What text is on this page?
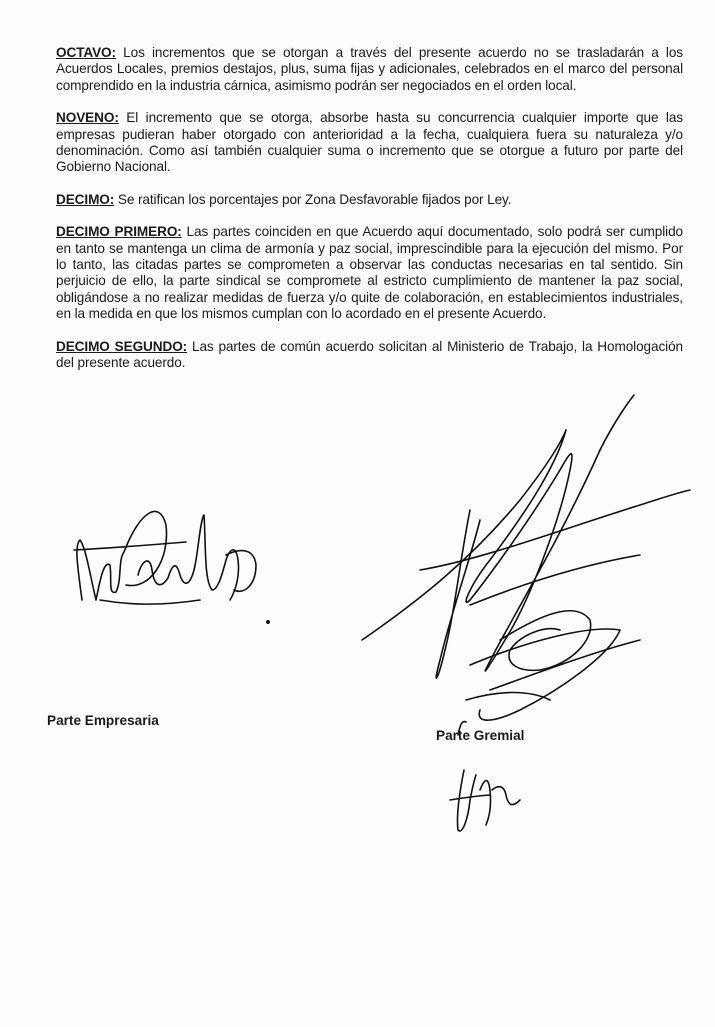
OCTAVO: Los incrementos que se otorgan a través del presente acuerdo no se trasladarán a los Acuerdos Locales, premios destajos, plus, suma fijas y adicionales, celebrados en el marco del personal comprendido en la industria cárnica, asimismo podrán ser negociados en el orden local.

NOVENO: El incremento que se otorga, absorbe hasta su concurrencia cualquier importe que las empresas pudieran haber otorgado con anterioridad a la fecha, cualquiera fuera su naturaleza y/o denominación. Como así también cualquier suma o incremento que se otorgue a futuro por parte del Gobierno Nacional.

DECIMO: Se ratifican los porcentajes por Zona Desfavorable fijados por Ley.

DECIMO PRIMERO: Las partes coinciden en que Acuerdo aquí documentado, solo podrá ser cumplido en tanto se mantenga un clima de armonía y paz social, imprescindible para la ejecución del mismo. Por lo tanto, las citadas partes se comprometen a observar las conductas necesarias en tal sentido. Sin perjuicio de ello, la parte sindical se compromete al estricto cumplimiento de mantener la paz social, obligándose a no realizar medidas de fuerza y/o quite de colaboración, en establecimientos industriales, en la medida en que los mismos cumplan con lo acordado en el presente Acuerdo.

DECIMO SEGUNDO: Las partes de común acuerdo solicitan al Ministerio de Trabajo, la Homologación del presente acuerdo.

Parte Empresaria
Parte Gremial
